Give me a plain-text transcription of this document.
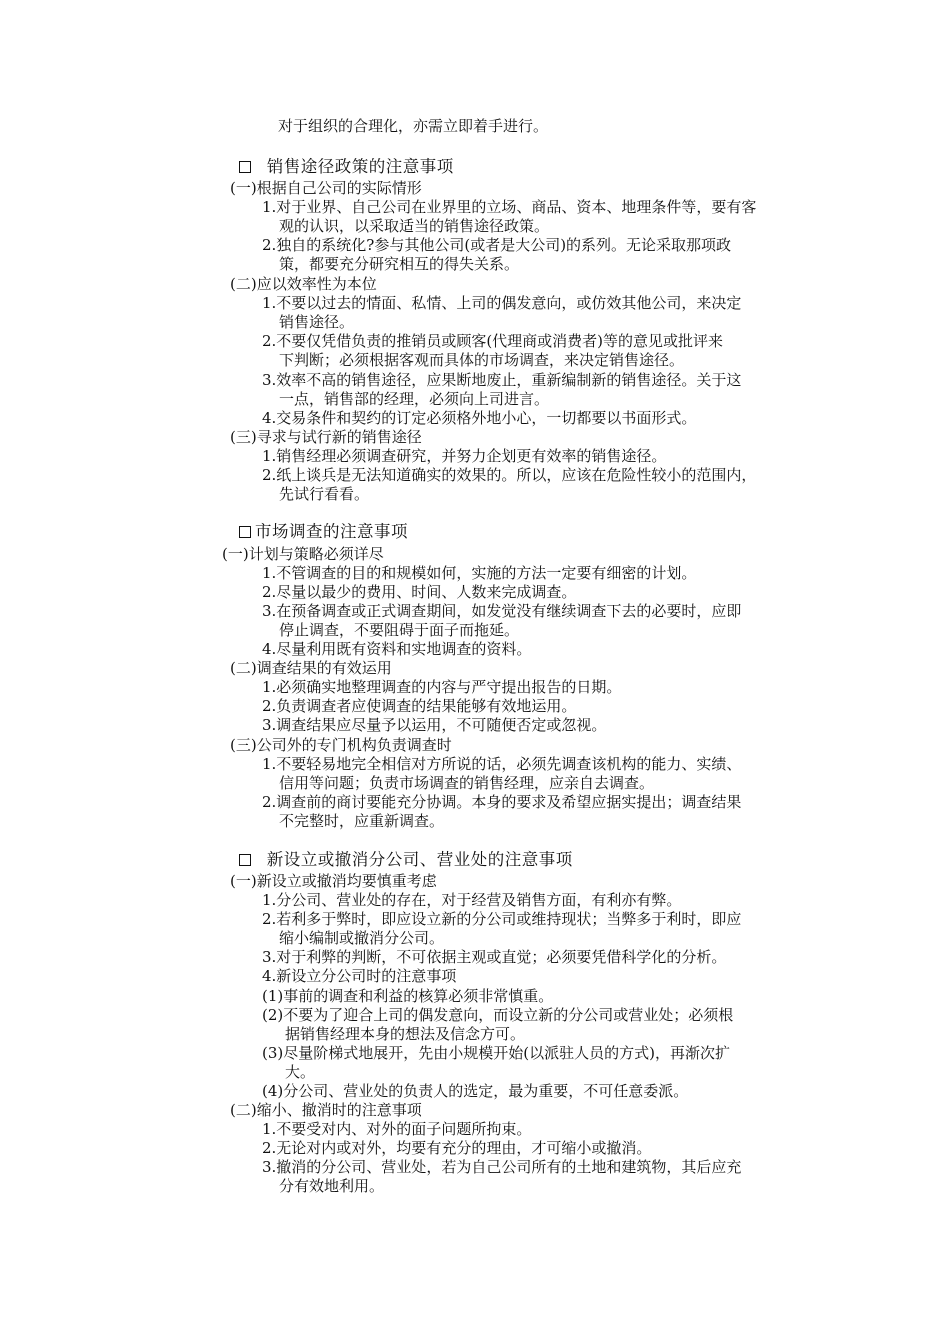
对于组织的合理化，亦需立即着手进行。
销售途径政策的注意事项
(一)根据自己公司的实际情形
1.对于业界、自己公司在业界里的立场、商品、资本、地理条件等，要有客
观的认识，以采取适当的销售途径政策。
2.独自的系统化?参与其他公司(或者是大公司)的系列。无论采取那项政
策，都要充分研究相互的得失关系。
(二)应以效率性为本位
1.不要以过去的情面、私情、上司的偶发意向，或仿效其他公司，来决定
销售途径。
2.不要仅凭借负责的推销员或顾客(代理商或消费者)等的意见或批评来
下判断；必须根据客观而具体的市场调查，来决定销售途径。
3.效率不高的销售途径，应果断地废止，重新编制新的销售途径。关于这
一点，销售部的经理，必须向上司进言。
4.交易条件和契约的订定必须格外地小心，一切都要以书面形式。
(三)寻求与试行新的销售途径
1.销售经理必须调查研究，并努力企划更有效率的销售途径。
2.纸上谈兵是无法知道确实的效果的。所以，应该在危险性较小的范围内，
先试行看看。
市场调查的注意事项
(一)计划与策略必须详尽
1.不管调查的目的和规模如何，实施的方法一定要有细密的计划。
2.尽量以最少的费用、时间、人数来完成调查。
3.在预备调查或正式调查期间，如发觉没有继续调查下去的必要时，应即
停止调查，不要阻碍于面子而拖延。
4.尽量利用既有资料和实地调查的资料。
(二)调查结果的有效运用
1.必须确实地整理调查的内容与严守提出报告的日期。
2.负责调查者应使调查的结果能够有效地运用。
3.调查结果应尽量予以运用，不可随便否定或忽视。
(三)公司外的专门机构负责调查时
1.不要轻易地完全相信对方所说的话，必须先调查该机构的能力、实绩、
信用等问题；负责市场调查的销售经理，应亲自去调查。
2.调查前的商讨要能充分协调。本身的要求及希望应据实提出；调查结果
不完整时，应重新调查。
新设立或撤消分公司、营业处的注意事项
(一)新设立或撤消均要慎重考虑
1.分公司、营业处的存在，对于经营及销售方面，有利亦有弊。
2.若利多于弊时，即应设立新的分公司或维持现状；当弊多于利时，即应
缩小编制或撤消分公司。
3.对于利弊的判断，不可依据主观或直觉；必须要凭借科学化的分析。
4.新设立分公司时的注意事项
(1)事前的调查和利益的核算必须非常慎重。
(2)不要为了迎合上司的偶发意向，而设立新的分公司或营业处；必须根
据销售经理本身的想法及信念方可。
(3)尽量阶梯式地展开，先由小规模开始(以派驻人员的方式)，再渐次扩
大。
(4)分公司、营业处的负责人的选定，最为重要，不可任意委派。
(二)缩小、撤消时的注意事项
1.不要受对内、对外的面子问题所拘束。
2.无论对内或对外，均要有充分的理由，才可缩小或撤消。
3.撤消的分公司、营业处，若为自己公司所有的土地和建筑物，其后应充
分有效地利用。
